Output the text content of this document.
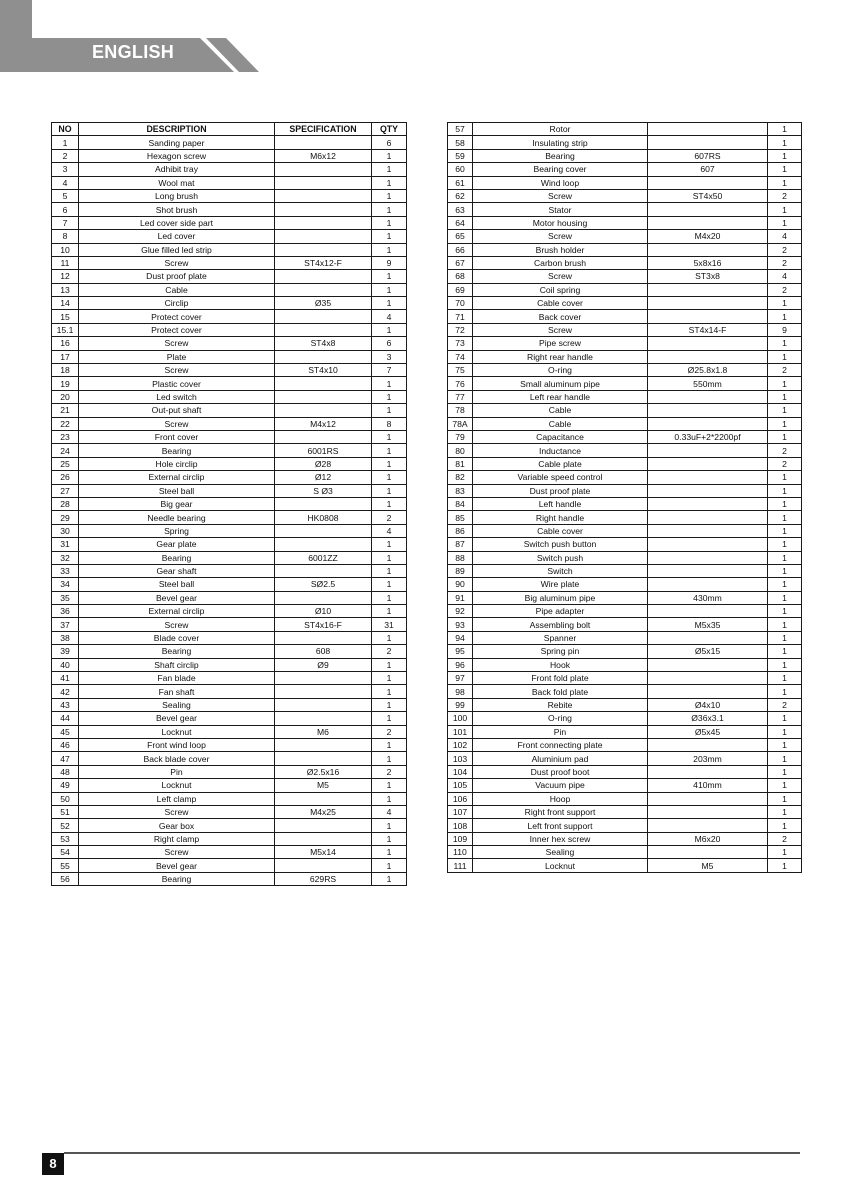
ENGLISH
NO	DESCRIPTION	SPECIFICATION	QTY
1	Sanding paper		6
2	Hexagon screw	M6x12	1
3	Adhibit tray		1
4	Wool mat		1
5	Long brush		1
6	Shot brush		1
7	Led cover side part		1
8	Led cover		1
10	Glue filled led strip		1
11	Screw	ST4x12-F	9
12	Dust proof plate		1
13	Cable		1
14	Circlip	Ø35	1
15	Protect cover		4
15.1	Protect cover		1
16	Screw	ST4x8	6
17	Plate		3
18	Screw	ST4x10	7
19	Plastic cover		1
20	Led switch		1
21	Out-put shaft		1
22	Screw	M4x12	8
23	Front cover		1
24	Bearing	6001RS	1
25	Hole circlip	Ø28	1
26	External circlip	Ø12	1
27	Steel ball	S Ø3	1
28	Big gear		1
29	Needle bearing	HK0808	2
30	Spring		4
31	Gear plate		1
32	Bearing	6001ZZ	1
33	Gear shaft		1
34	Steel ball	SØ2.5	1
35	Bevel gear		1
36	External circlip	Ø10	1
37	Screw	ST4x16-F	31
38	Blade cover		1
39	Bearing	608	2
40	Shaft circlip	Ø9	1
41	Fan blade		1
42	Fan shaft		1
43	Sealing		1
44	Bevel gear		1
45	Locknut	M6	2
46	Front wind loop		1
47	Back blade cover		1
48	Pin	Ø2.5x16	2
49	Locknut	M5	1
50	Left clamp		1
51	Screw	M4x25	4
52	Gear box		1
53	Right clamp		1
54	Screw	M5x14	1
55	Bevel gear		1
56	Bearing	629RS	1
57	Rotor		1
58	Insulating strip		1
59	Bearing	607RS	1
60	Bearing cover	607	1
61	Wind loop		1
62	Screw	ST4x50	2
63	Stator		1
64	Motor housing		1
65	Screw	M4x20	4
66	Brush holder		2
67	Carbon brush	5x8x16	2
68	Screw	ST3x8	4
69	Coil spring		2
70	Cable cover		1
71	Back cover		1
72	Screw	ST4x14-F	9
73	Pipe screw		1
74	Right rear handle		1
75	O-ring	Ø25.8x1.8	2
76	Small aluminum pipe	550mm	1
77	Left rear handle		1
78	Cable		1
78A	Cable		1
79	Capacitance	0.33uF+2*2200pf	1
80	Inductance		2
81	Cable plate		2
82	Variable speed control		1
83	Dust proof plate		1
84	Left handle		1
85	Right handle		1
86	Cable cover		1
87	Switch push button		1
88	Switch push		1
89	Switch		1
90	Wire plate		1
91	Big aluminum pipe	430mm	1
92	Pipe adapter		1
93	Assembling bolt	M5x35	1
94	Spanner		1
95	Spring pin	Ø5x15	1
96	Hook		1
97	Front fold plate		1
98	Back fold plate		1
99	Rebite	Ø4x10	2
100	O-ring	Ø36x3.1	1
101	Pin	Ø5x45	1
102	Front connecting plate		1
103	Aluminium pad	203mm	1
104	Dust proof boot		1
105	Vacuum pipe	410mm	1
106	Hoop		1
107	Right front support		1
108	Left front support		1
109	Inner hex screw	M6x20	2
110	Sealing		1
111	Locknut	M5	1
8
